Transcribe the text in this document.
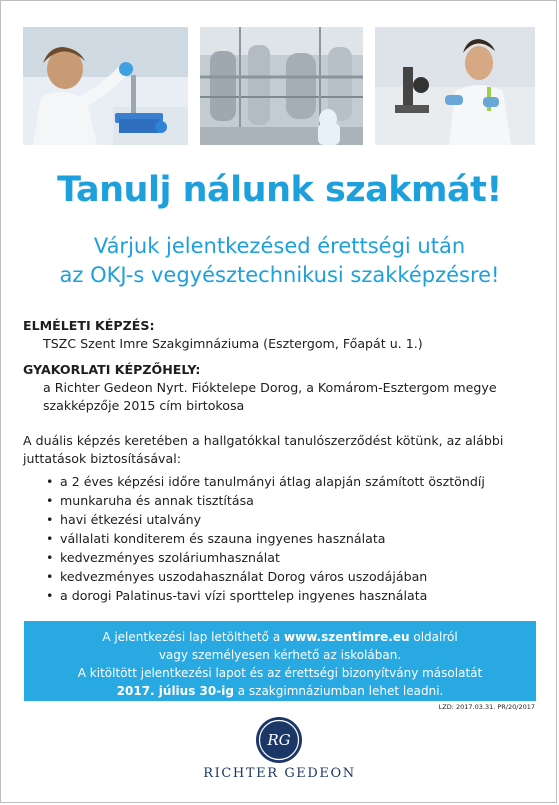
Tanulj nálunk szakmát!
Várjuk jelentkezésed érettségi után
az OKJ-s vegyésztechnikusi szakképzésre!
ELMÉLETI KÉPZÉS:
TSZC Szent Imre Szakgimnáziuma (Esztergom, Főapát u. 1.)
GYAKORLATI KÉPZŐHELY:
a Richter Gedeon Nyrt. Fióktelepe Dorog, a Komárom-Esztergom megye
szakképzője 2015 cím birtokosa
A duális képzés keretében a hallgatókkal tanulószerződést kötünk, az alábbi
juttatások biztosításával:
• a 2 éves képzési időre tanulmányi átlag alapján számított ösztöndíj
• munkaruha és annak tisztítása
• havi étkezési utalvány
• vállalati konditerem és szauna ingyenes használata
• kedvezményes szoláriumhasználat
• kedvezményes uszodahasználat Dorog város uszodájában
• a dorogi Palatinus-tavi vízi sporttelep ingyenes használata
A jelentkezési lap letölthető a www.szentimre.eu oldalról
vagy személyesen kérhető az iskolában.
A kitöltött jelentkezési lapot és az érettségi bizonyítvány másolatát
2017. július 30-ig a szakgimnáziumban lehet leadni.
LZD: 2017.03.31. PR/20/2017
RG
RICHTER GEDEON
